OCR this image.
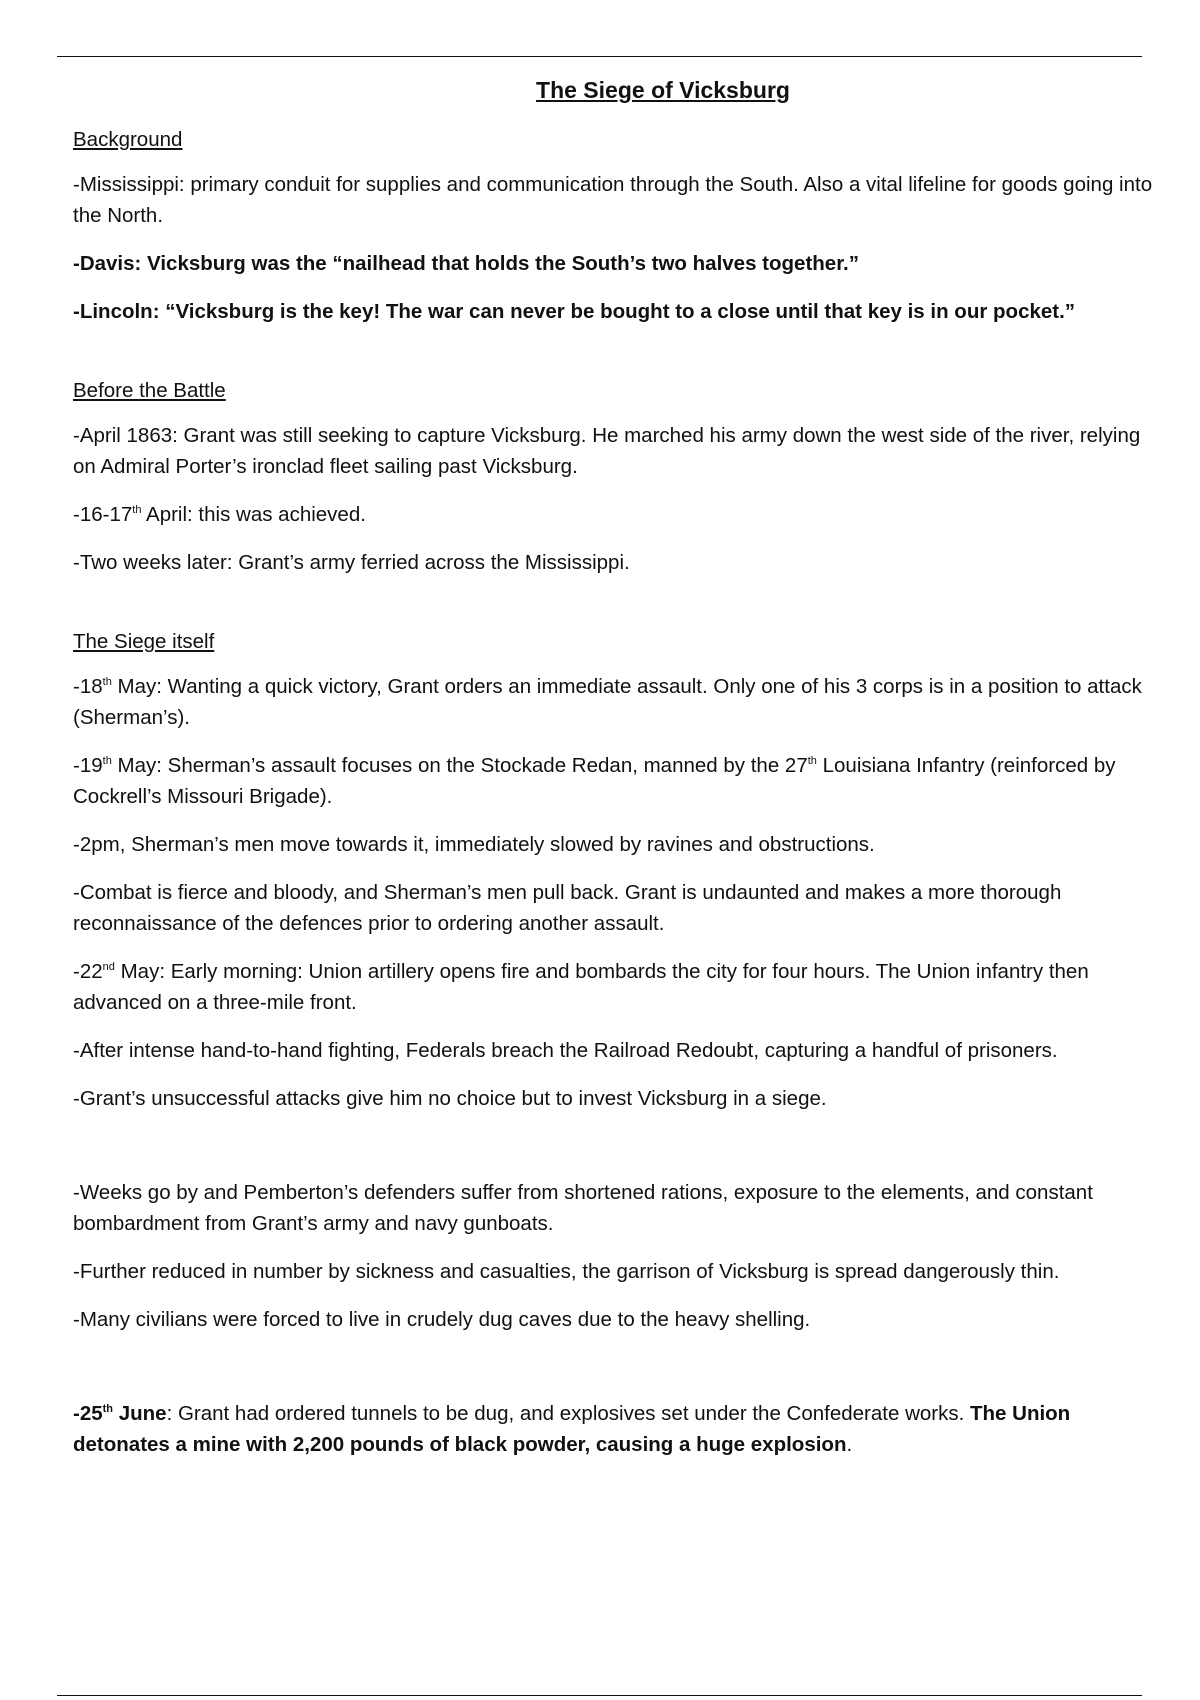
The Siege of Vicksburg
Background

-Mississippi: primary conduit for supplies and communication through the South. Also a vital lifeline for goods going into the North.

-Davis: Vicksburg was the “nailhead that holds the South’s two halves together.”

-Lincoln: “Vicksburg is the key! The war can never be bought to a close until that key is in our pocket.”

Before the Battle

-April 1863: Grant was still seeking to capture Vicksburg. He marched his army down the west side of the river, relying on Admiral Porter’s ironclad fleet sailing past Vicksburg.

-16-17th April: this was achieved.

-Two weeks later: Grant’s army ferried across the Mississippi.

The Siege itself

-18th May: Wanting a quick victory, Grant orders an immediate assault. Only one of his 3 corps is in a position to attack (Sherman’s).

-19th May: Sherman’s assault focuses on the Stockade Redan, manned by the 27th Louisiana Infantry (reinforced by Cockrell’s Missouri Brigade).

-2pm, Sherman’s men move towards it, immediately slowed by ravines and obstructions.

-Combat is fierce and bloody, and Sherman’s men pull back. Grant is undaunted and makes a more thorough reconnaissance of the defences prior to ordering another assault.

-22nd May: Early morning: Union artillery opens fire and bombards the city for four hours. The Union infantry then advanced on a three-mile front.

-After intense hand-to-hand fighting, Federals breach the Railroad Redoubt, capturing a handful of prisoners.

-Grant’s unsuccessful attacks give him no choice but to invest Vicksburg in a siege.

-Weeks go by and Pemberton’s defenders suffer from shortened rations, exposure to the elements, and constant bombardment from Grant’s army and navy gunboats.

-Further reduced in number by sickness and casualties, the garrison of Vicksburg is spread dangerously thin.

-Many civilians were forced to live in crudely dug caves due to the heavy shelling.

-25th June: Grant had ordered tunnels to be dug, and explosives set under the Confederate works. The Union detonates a mine with 2,200 pounds of black powder, causing a huge explosion.
